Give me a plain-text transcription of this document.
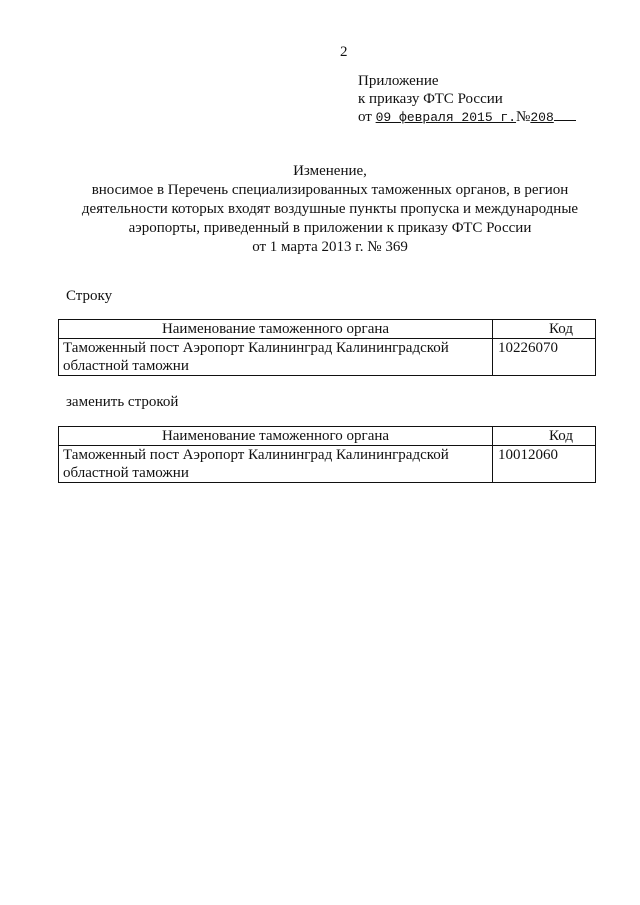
2
Приложение
к приказу ФТС России
от 09 февраля 2015 г.№208
Изменение,
вносимое в Перечень специализированных таможенных органов, в регион
деятельности которых входят воздушные пункты пропуска и международные
аэропорты, приведенный в приложении к приказу ФТС России
от 1 марта 2013 г. № 369
Строку
Наименование таможенного органа	Код

Таможенный пост Аэропорт Калининград Калининградской
областной таможни	10226070
заменить строкой
Наименование таможенного органа	Код

Таможенный пост Аэропорт Калининград Калининградской
областной таможни	10012060
